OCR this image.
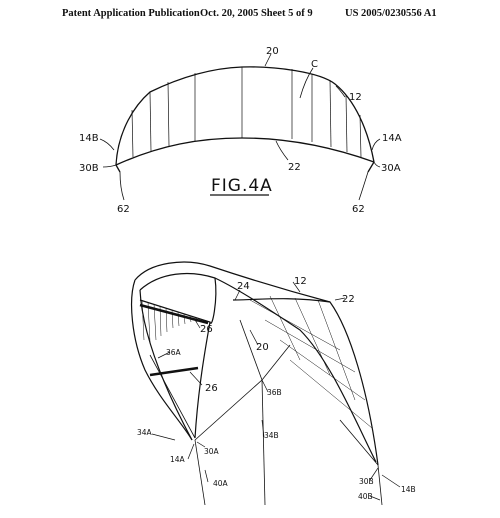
Patent Application Publication Oct. 20, 2005 Sheet 5 of 9	US 2005/0230556 A1
20
C
12
14B
30B
14A
30A
22
62	62
FIG.4A
12
22
24
26
20
36A
26	36B
34A	34B
14A
30A
40A	30B
40B
14B
